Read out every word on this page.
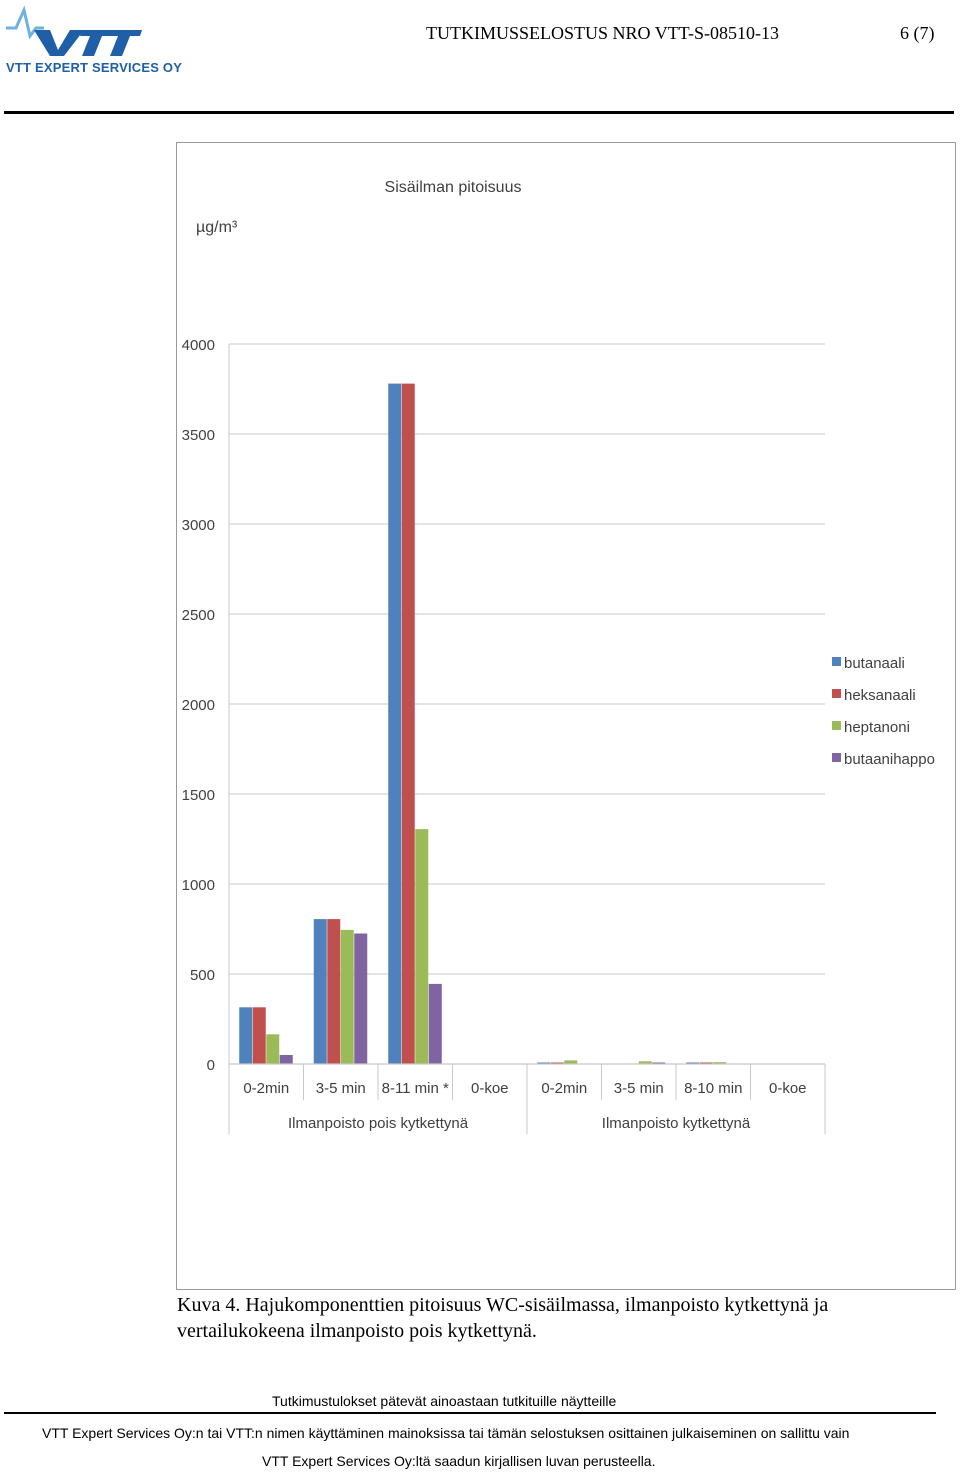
VTT EXPERT SERVICES OY
TUTKIMUSSELOSTUS NRO VTT-S-08510-13	6 (7)
Sisäilman pitoisuus
µg/m³
0
500
1000
1500
2000
2500
3000
3500
4000
0-2min 3-5 min 8-11 min * 0-koe 0-2min 3-5 min 8-10 min 0-koe
Ilmanpoisto pois kytkettynä	Ilmanpoisto kytkettynä
butanaali
heksanaali
heptanoni
butaanihappo
Kuva 4. Hajukomponenttien pitoisuus WC-sisäilmassa, ilmanpoisto kytkettynä ja vertailukokeena ilmanpoisto pois kytkettynä.
Tutkimustulokset pätevät ainoastaan tutkituille näytteille
VTT Expert Services Oy:n tai VTT:n nimen käyttäminen mainoksissa tai tämän selostuksen osittainen julkaiseminen on sallittu vain
VTT Expert Services Oy:ltä saadun kirjallisen luvan perusteella.
